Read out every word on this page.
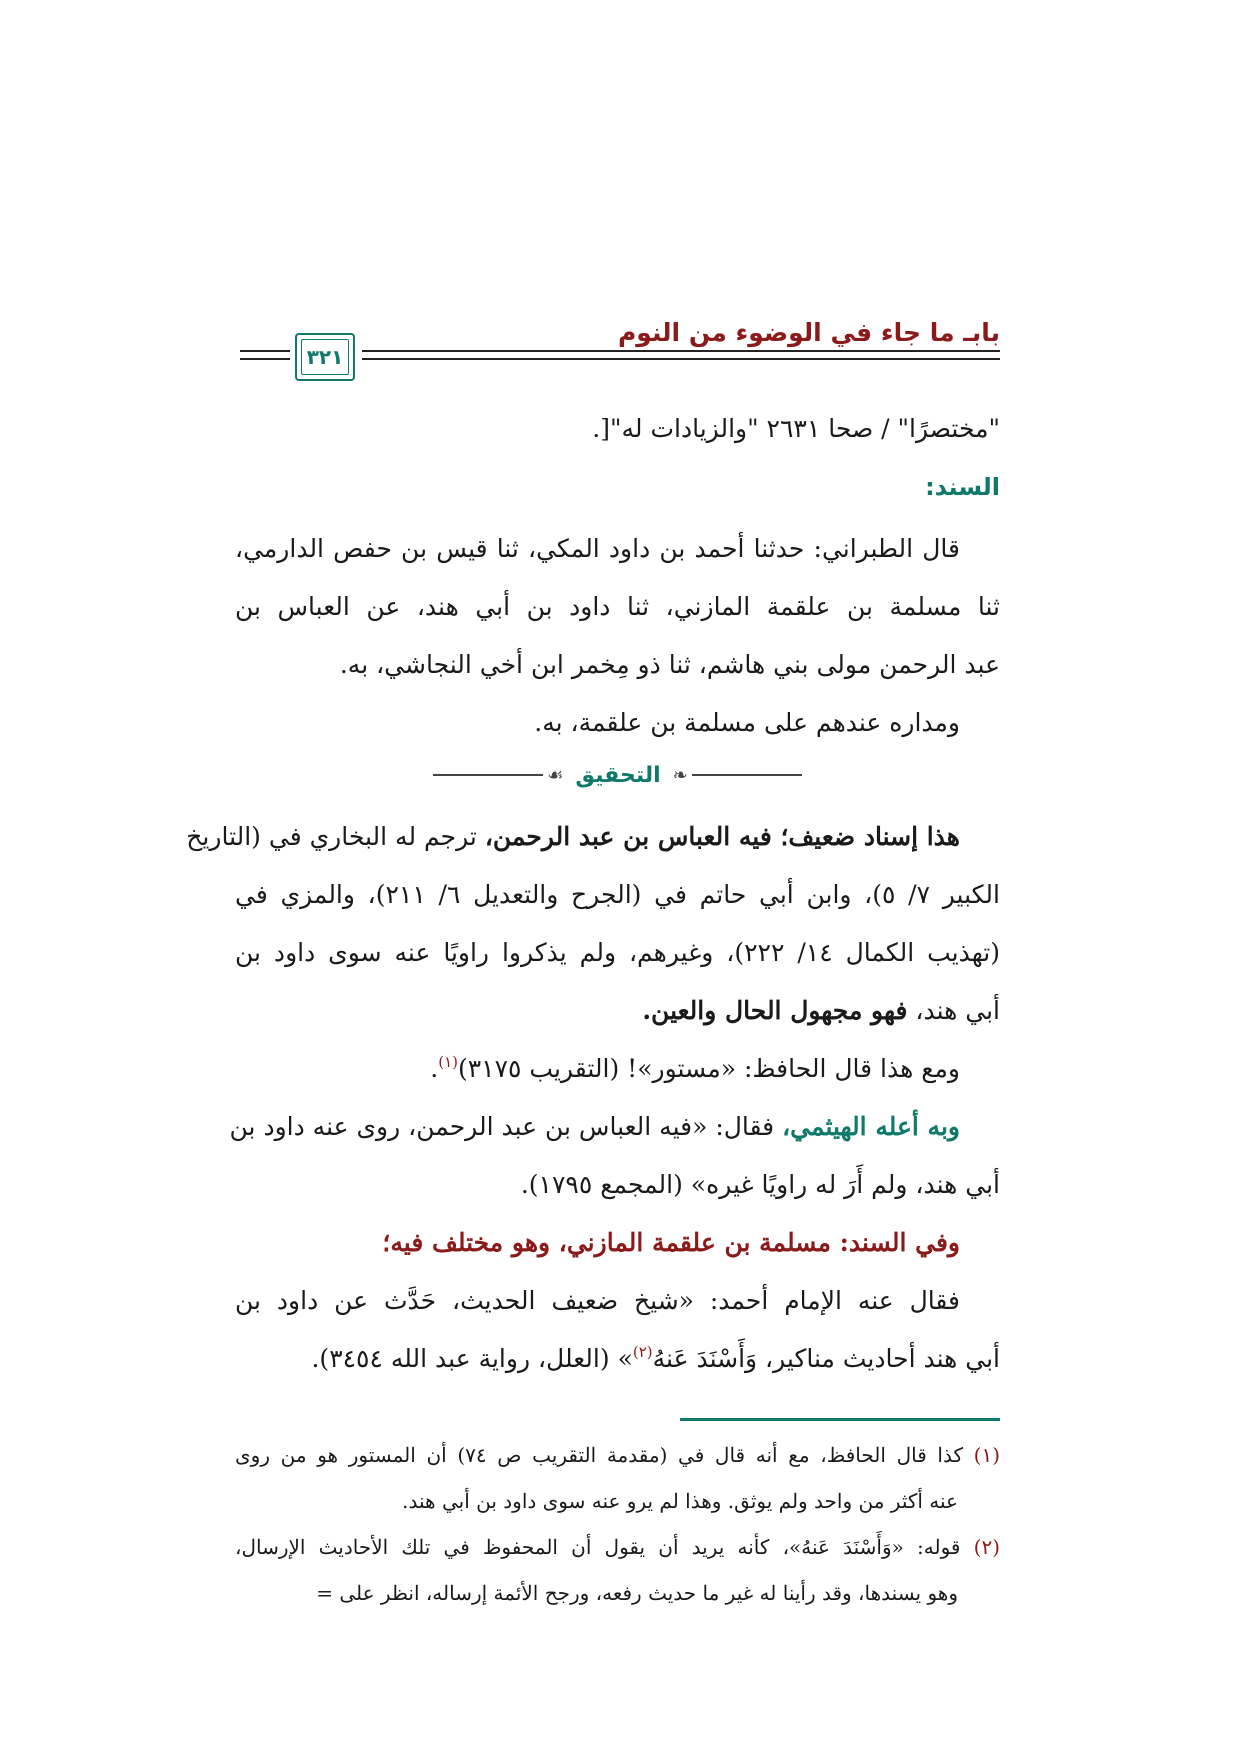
بابـ ما جاء في الوضوء من النوم
٣٢١
"مختصرًا" / صحا ٢٦٣١ "والزيادات له"[.
السند:
قال الطبراني: حدثنا أحمد بن داود المكي، ثنا قيس بن حفص الدارمي،
ثنا مسلمة بن علقمة المازني، ثنا داود بن أبي هند، عن العباس بن
عبد الرحمن مولى بني هاشم، ثنا ذو مِخمر ابن أخي النجاشي، به.
ومداره عندهم على مسلمة بن علقمة، به.
❧
التحقيق
☙
هذا إسناد ضعيف؛ فيه العباس بن عبد الرحمن، ترجم له البخاري في (التاريخ
الكبير ٧/ ٥)، وابن أبي حاتم في (الجرح والتعديل ٦/ ٢١١)، والمزي في
(تهذيب الكمال ١٤/ ٢٢٢)، وغيرهم، ولم يذكروا راويًا عنه سوى داود بن
أبي هند، فهو مجهول الحال والعين.
ومع هذا قال الحافظ: «مستور»! (التقريب ٣١٧٥)$^{(١)}$.
وبه أعله الهيثمي، فقال: «فيه العباس بن عبد الرحمن، روى عنه داود بن
أبي هند، ولم أَرَ له راويًا غيره» (المجمع ١٧٩٥).
وفي السند: مسلمة بن علقمة المازني، وهو مختلف فيه؛
فقال عنه الإمام أحمد: «شيخ ضعيف الحديث، حَدَّث عن داود بن
أبي هند أحاديث مناكير، وَأَسْنَدَ عَنهُ$^{(٢)}$» (العلل، رواية عبد الله ٣٤٥٤).
(١) كذا قال الحافظ، مع أنه قال في (مقدمة التقريب ص ٧٤) أن المستور هو من روى
عنه أكثر من واحد ولم يوثق. وهذا لم يرو عنه سوى داود بن أبي هند.
(٢) قوله: «وَأَسْنَدَ عَنهُ»، كأنه يريد أن يقول أن المحفوظ في تلك الأحاديث الإرسال،
وهو يسندها، وقد رأينا له غير ما حديث رفعه، ورجح الأئمة إرساله، انظر على =
